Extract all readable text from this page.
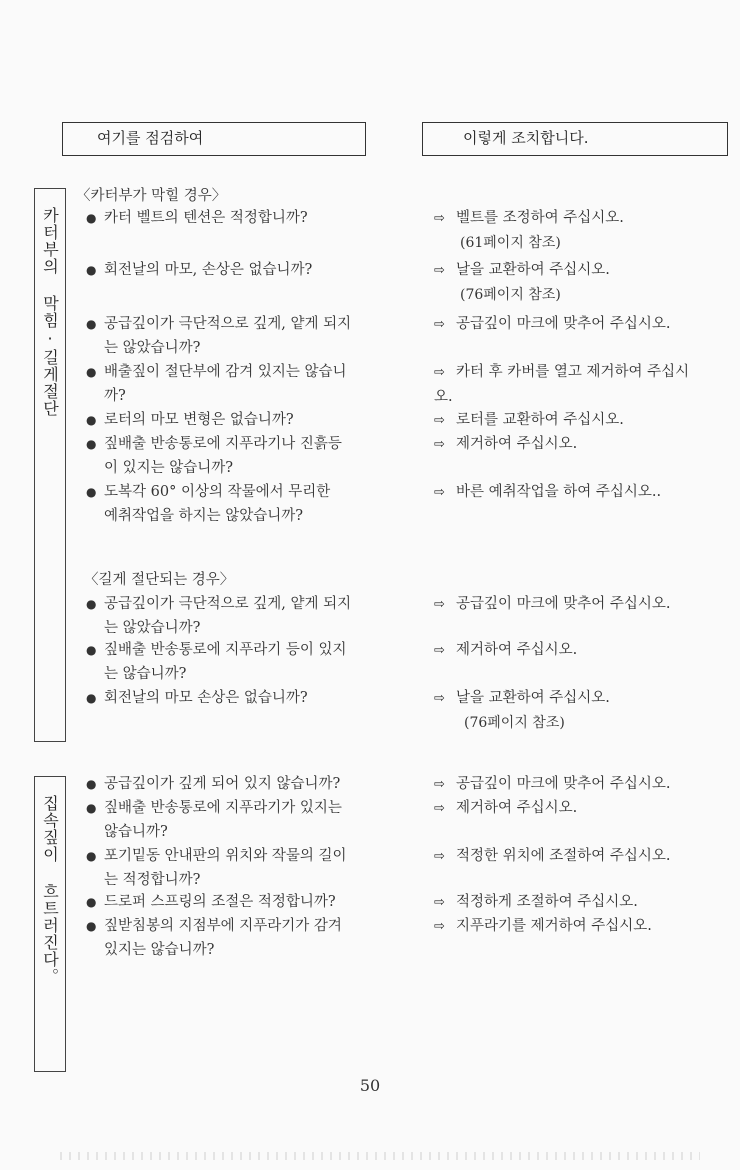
여기를 점검하여	이렇게 조치합니다.
카터부의 막힘·길게절단
집속짚이 흐트러진다。
〈카터부가 막힐 경우〉
● 카터 벨트의 텐션은 적정합니까?	⇨ 벨트를 조정하여 주십시오.
(61페이지 참조)
● 회전날의 마모, 손상은 없습니까?	⇨ 날을 교환하여 주십시오.
(76페이지 참조)
● 공급깊이가 극단적으로 깊게, 얕게 되지
는 않았습니까?
⇨ 공급깊이 마크에 맞추어 주십시오.
● 배출짚이 절단부에 감겨 있지는 않습니
까?
⇨ 카터 후 카버를 열고 제거하여 주십시
오.
● 로터의 마모 변형은 없습니까?	⇨ 로터를 교환하여 주십시오.
● 짚배출 반송통로에 지푸라기나 진흙등
이 있지는 않습니까?
⇨ 제거하여 주십시오.
● 도복각 60° 이상의 작물에서 무리한
예취작업을 하지는 않았습니까?
⇨ 바른 예취작업을 하여 주십시오..
〈길게 절단되는 경우〉
● 공급깊이가 극단적으로 깊게, 얕게 되지
는 않았습니까?
⇨ 공급깊이 마크에 맞추어 주십시오.
● 짚배출 반송통로에 지푸라기 등이 있지
는 않습니까?
⇨ 제거하여 주십시오.
● 회전날의 마모 손상은 없습니까?	⇨ 날을 교환하여 주십시오.
(76페이지 참조)
● 공급깊이가 깊게 되어 있지 않습니까?	⇨ 공급깊이 마크에 맞추어 주십시오.
● 짚배출 반송통로에 지푸라기가 있지는
않습니까?
⇨ 제거하여 주십시오.
● 포기밑동 안내판의 위치와 작물의 길이
는 적정합니까?
⇨ 적정한 위치에 조절하여 주십시오.
● 드로퍼 스프링의 조절은 적정합니까?	⇨ 적정하게 조절하여 주십시오.
● 짚받침봉의 지점부에 지푸라기가 감겨
있지는 않습니까?
⇨ 지푸라기를 제거하여 주십시오.
50
